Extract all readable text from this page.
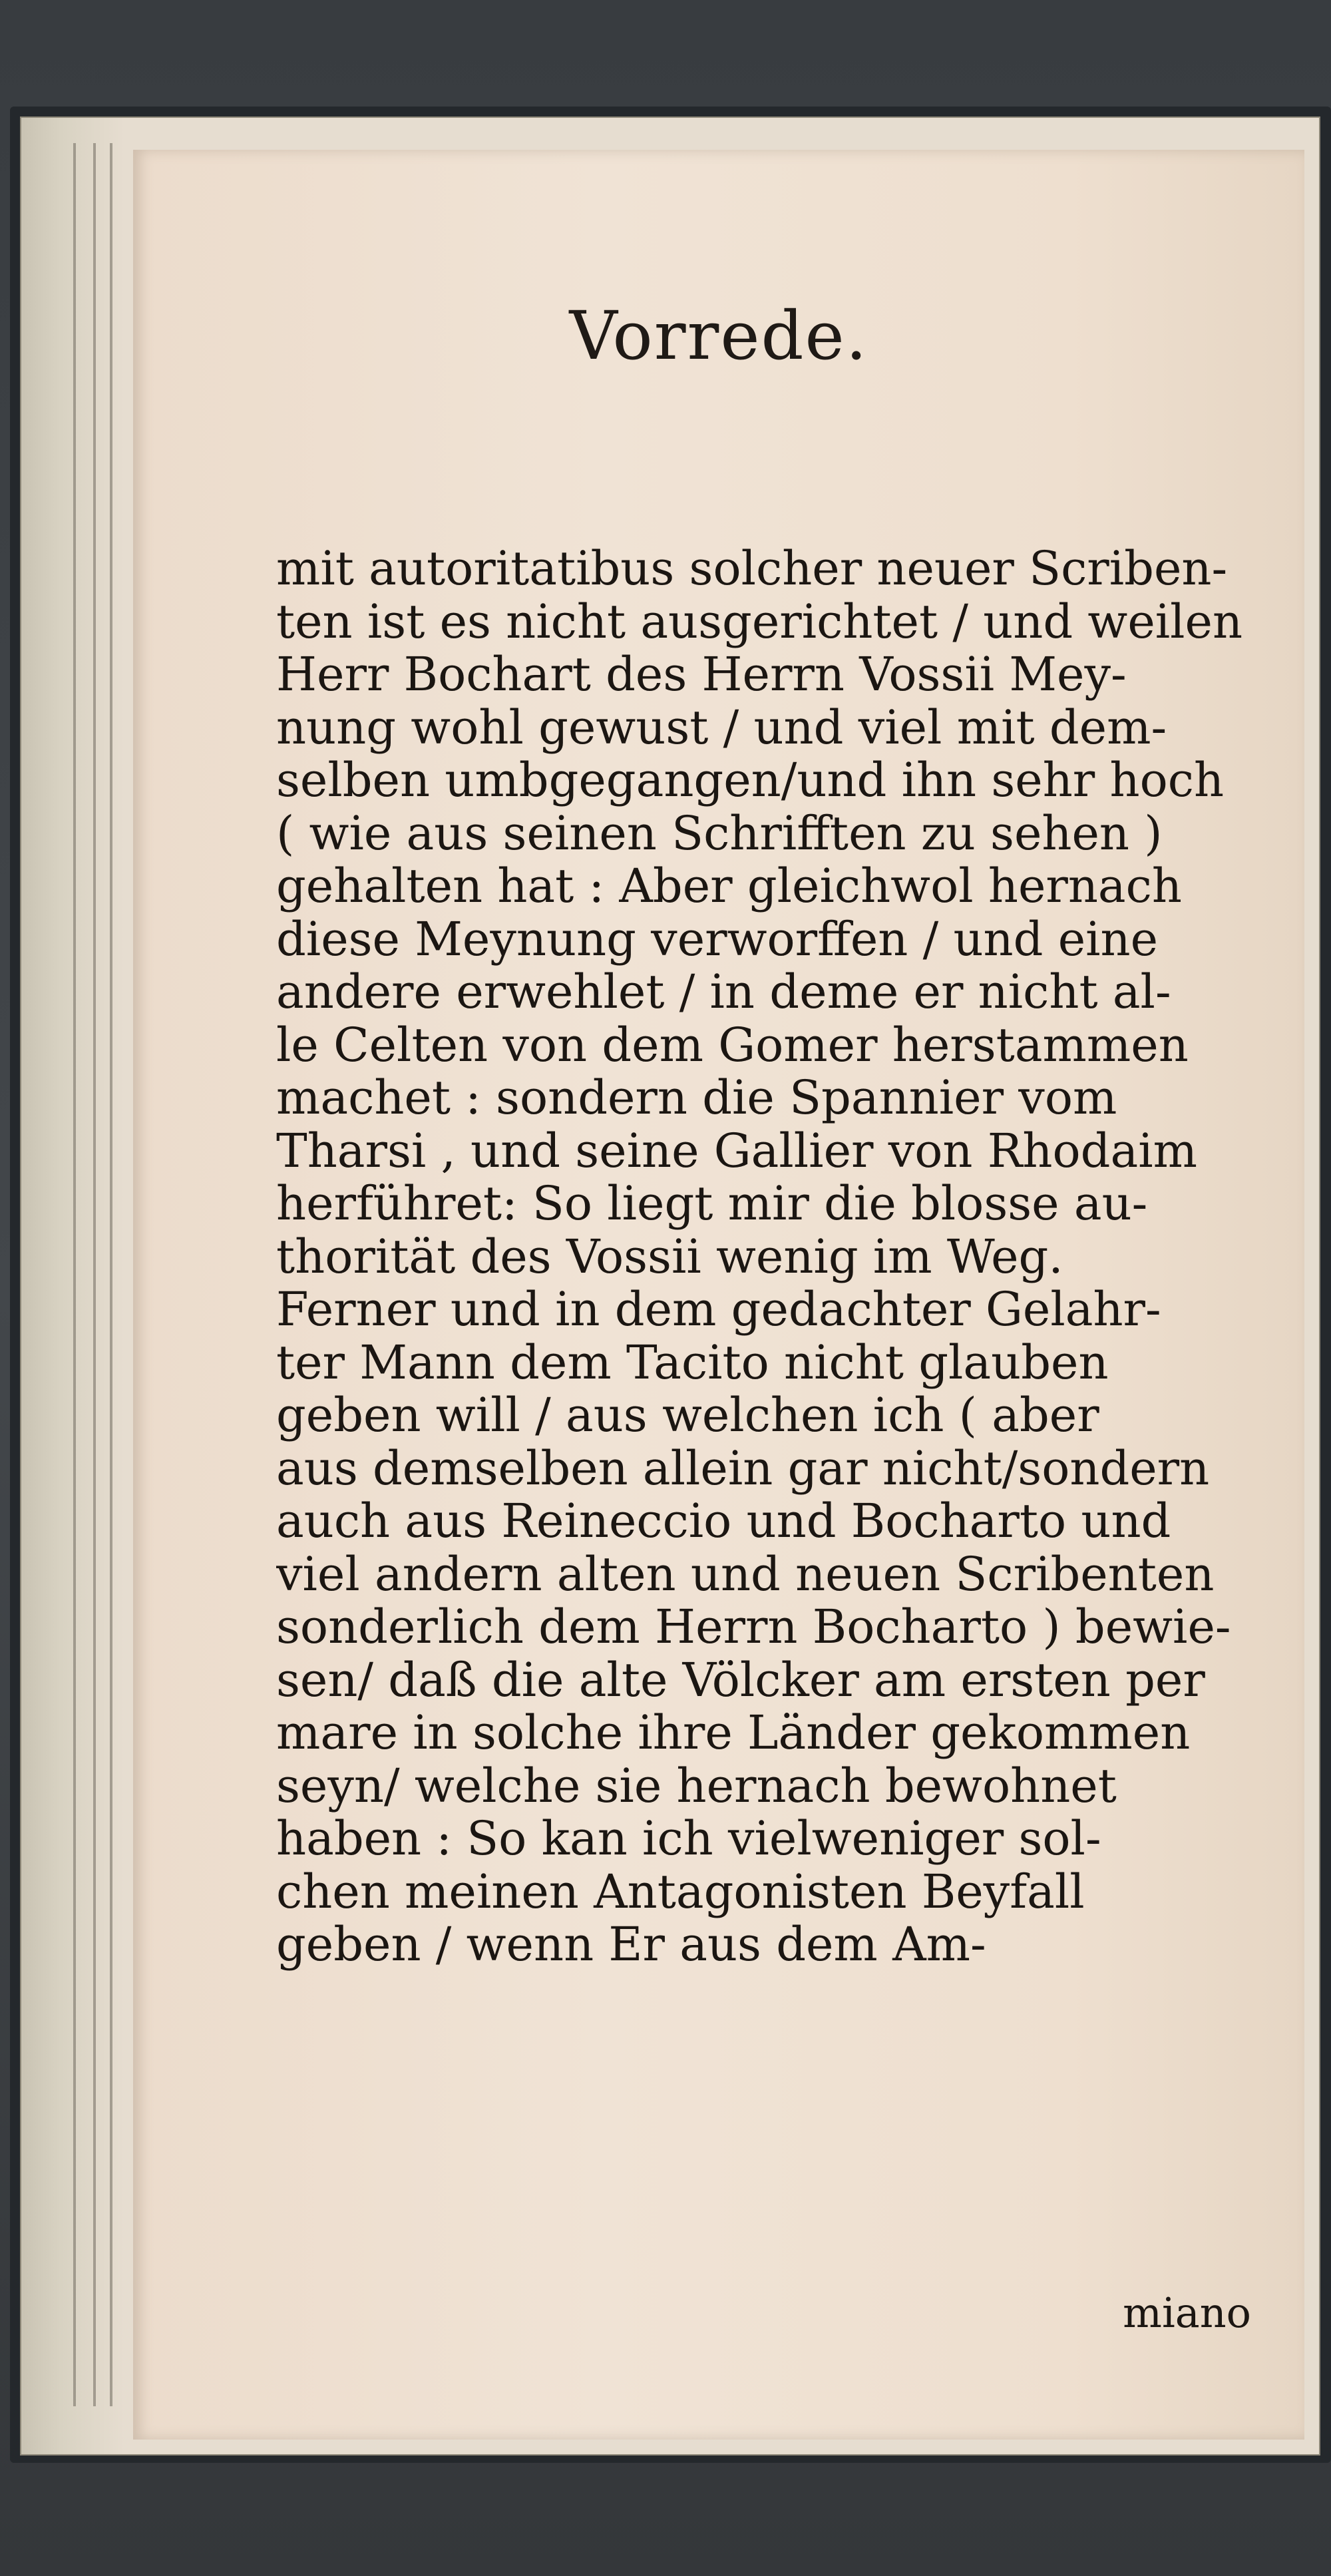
Vorrede.
mit autoritatibus solcher neuer Scriben-
ten ist es nicht ausgerichtet / und weilen
Herr Bochart des Herrn Vossii Mey-
nung wohl gewust / und viel mit dem-
selben umbgegangen/und ihn sehr hoch
( wie aus seinen Schrifften zu sehen )
gehalten hat : Aber gleichwol hernach
diese Meynung verworffen / und eine
andere erwehlet / in deme er nicht al-
le Celten von dem Gomer herstammen
machet : sondern die Spannier vom
Tharsi , und seine Gallier von Rhodaim
herführet: So liegt mir die blosse au-
thorität des Vossii wenig im Weg.
Ferner und in dem gedachter Gelahr-
ter Mann dem Tacito nicht glauben
geben will / aus welchen ich ( aber
aus demselben allein gar nicht/sondern
auch aus Reineccio und Bocharto und
viel andern alten und neuen Scribenten
sonderlich dem Herrn Bocharto ) bewie-
sen/ daß die alte Völcker am ersten per
mare in solche ihre Länder gekommen
seyn/ welche sie hernach bewohnet
haben : So kan ich vielweniger sol-
chen meinen Antagonisten Beyfall
geben / wenn Er aus dem Am-
miano
